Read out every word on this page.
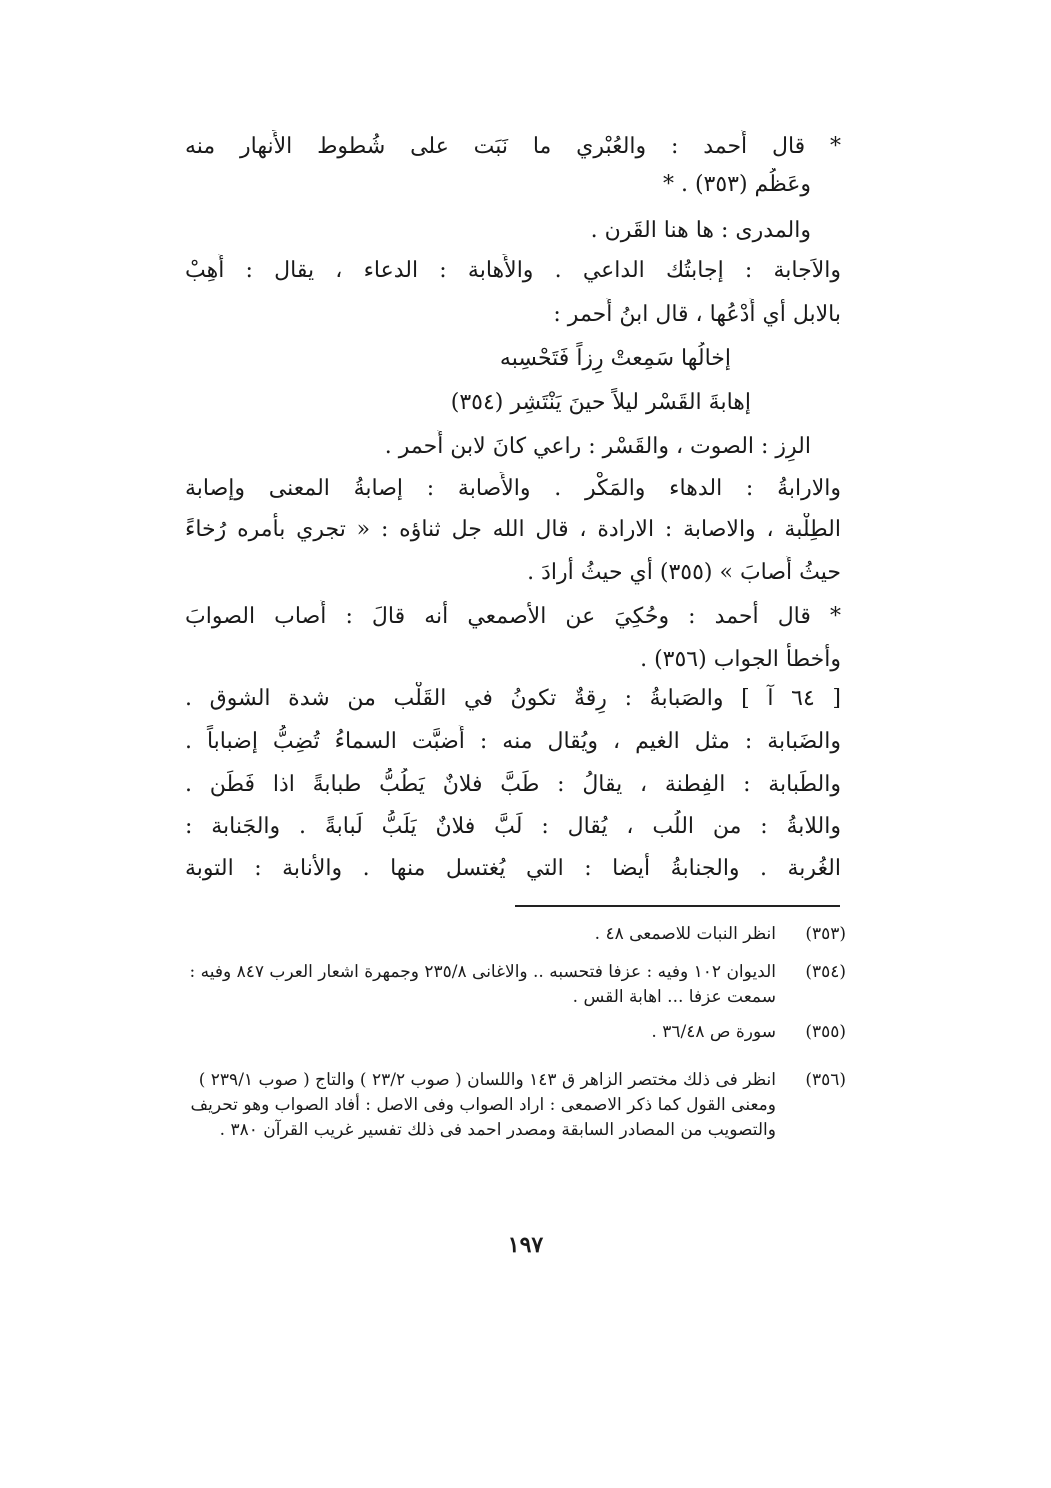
* قال أَحمد : والعُبْري ما نَبَت على شُطوط الأَنهار منه
وعَظُم (٣٥٣) . *
والمدرى : ها هنا القَرن .
والاَجابة : إجابتُك الداعي . والأَهابة : الدعاء ، يقال : أَهِبْ
بالابل أي أُدْعُها ، قال ابنُ أَحمر :
إخالُها سَمِعتْ رِزاً فَتَحْسِبه
إهابةَ القَسْر ليلاً حينَ يَنْتَشِر (٣٥٤)
الرِز : الصوت ، والقَسْر : راعي كانَ لابن أَحمر .
والارابةُ : الدهاء والمَكْر . والأَصابة : إصابةُ المعنى وإصابة
الطِلْبة ، والاصابة : الارادة ، قال الله جل ثناؤه : « تجري بأمره رُخاءً
حيثُ أَصابَ » (٣٥٥) أي حيثُ أرادَ .
* قال أحمد : وحُكِيَ عن الأصمعي أنه قالَ : أَصاب الصوابَ
وأخطأَ الجواب (٣٥٦) .
[ ٦٤ آ ] والصَبابةُ : رِقةٌ تكونُ في القَلْب من شدة الشوق .
والضَبابة : مثل الغيم ، ويُقال منه : أَضبَّت السماءُ تُضِبُّ إضباباً .
والطَبابة : الفِطنة ، يقالُ : طَبَّ فلانٌ يَطُبُّ طبابةً اذا فَطَن .
واللابةُ : من اللُب ، يُقال : لَبَّ فلانٌ يَلَبُّ لَبابةً . والجَنابة :
الغُربة . والجنابةُ أيضا : التي يُغتسل منها . والأنابة : التوبة
(٣٥٣)
انظر النبات للاصمعى ٤٨ .
(٣٥٤)
الديوان ١٠٢ وفيه : عزفا فتحسبه .. والاغانى ٢٣٥/٨ وجمهرة اشعار العرب ٨٤٧ وفيه : سمعت عزفا ... اهابة القس .
(٣٥٥)
سورة ص ٣٦/٤٨ .
(٣٥٦)
انظر فى ذلك مختصر الزاهر ق ١٤٣ واللسان ( صوب ٢٣/٢ ) والتاج ( صوب ٢٣٩/١ ) ومعنى القول كما ذكر الاصمعى : اراد الصواب وفى الاصل : أفاد الصواب وهو تحريف والتصويب من المصادر السابقة ومصدر احمد فى ذلك تفسير غريب القرآن ٣٨٠ .
١٩٧
